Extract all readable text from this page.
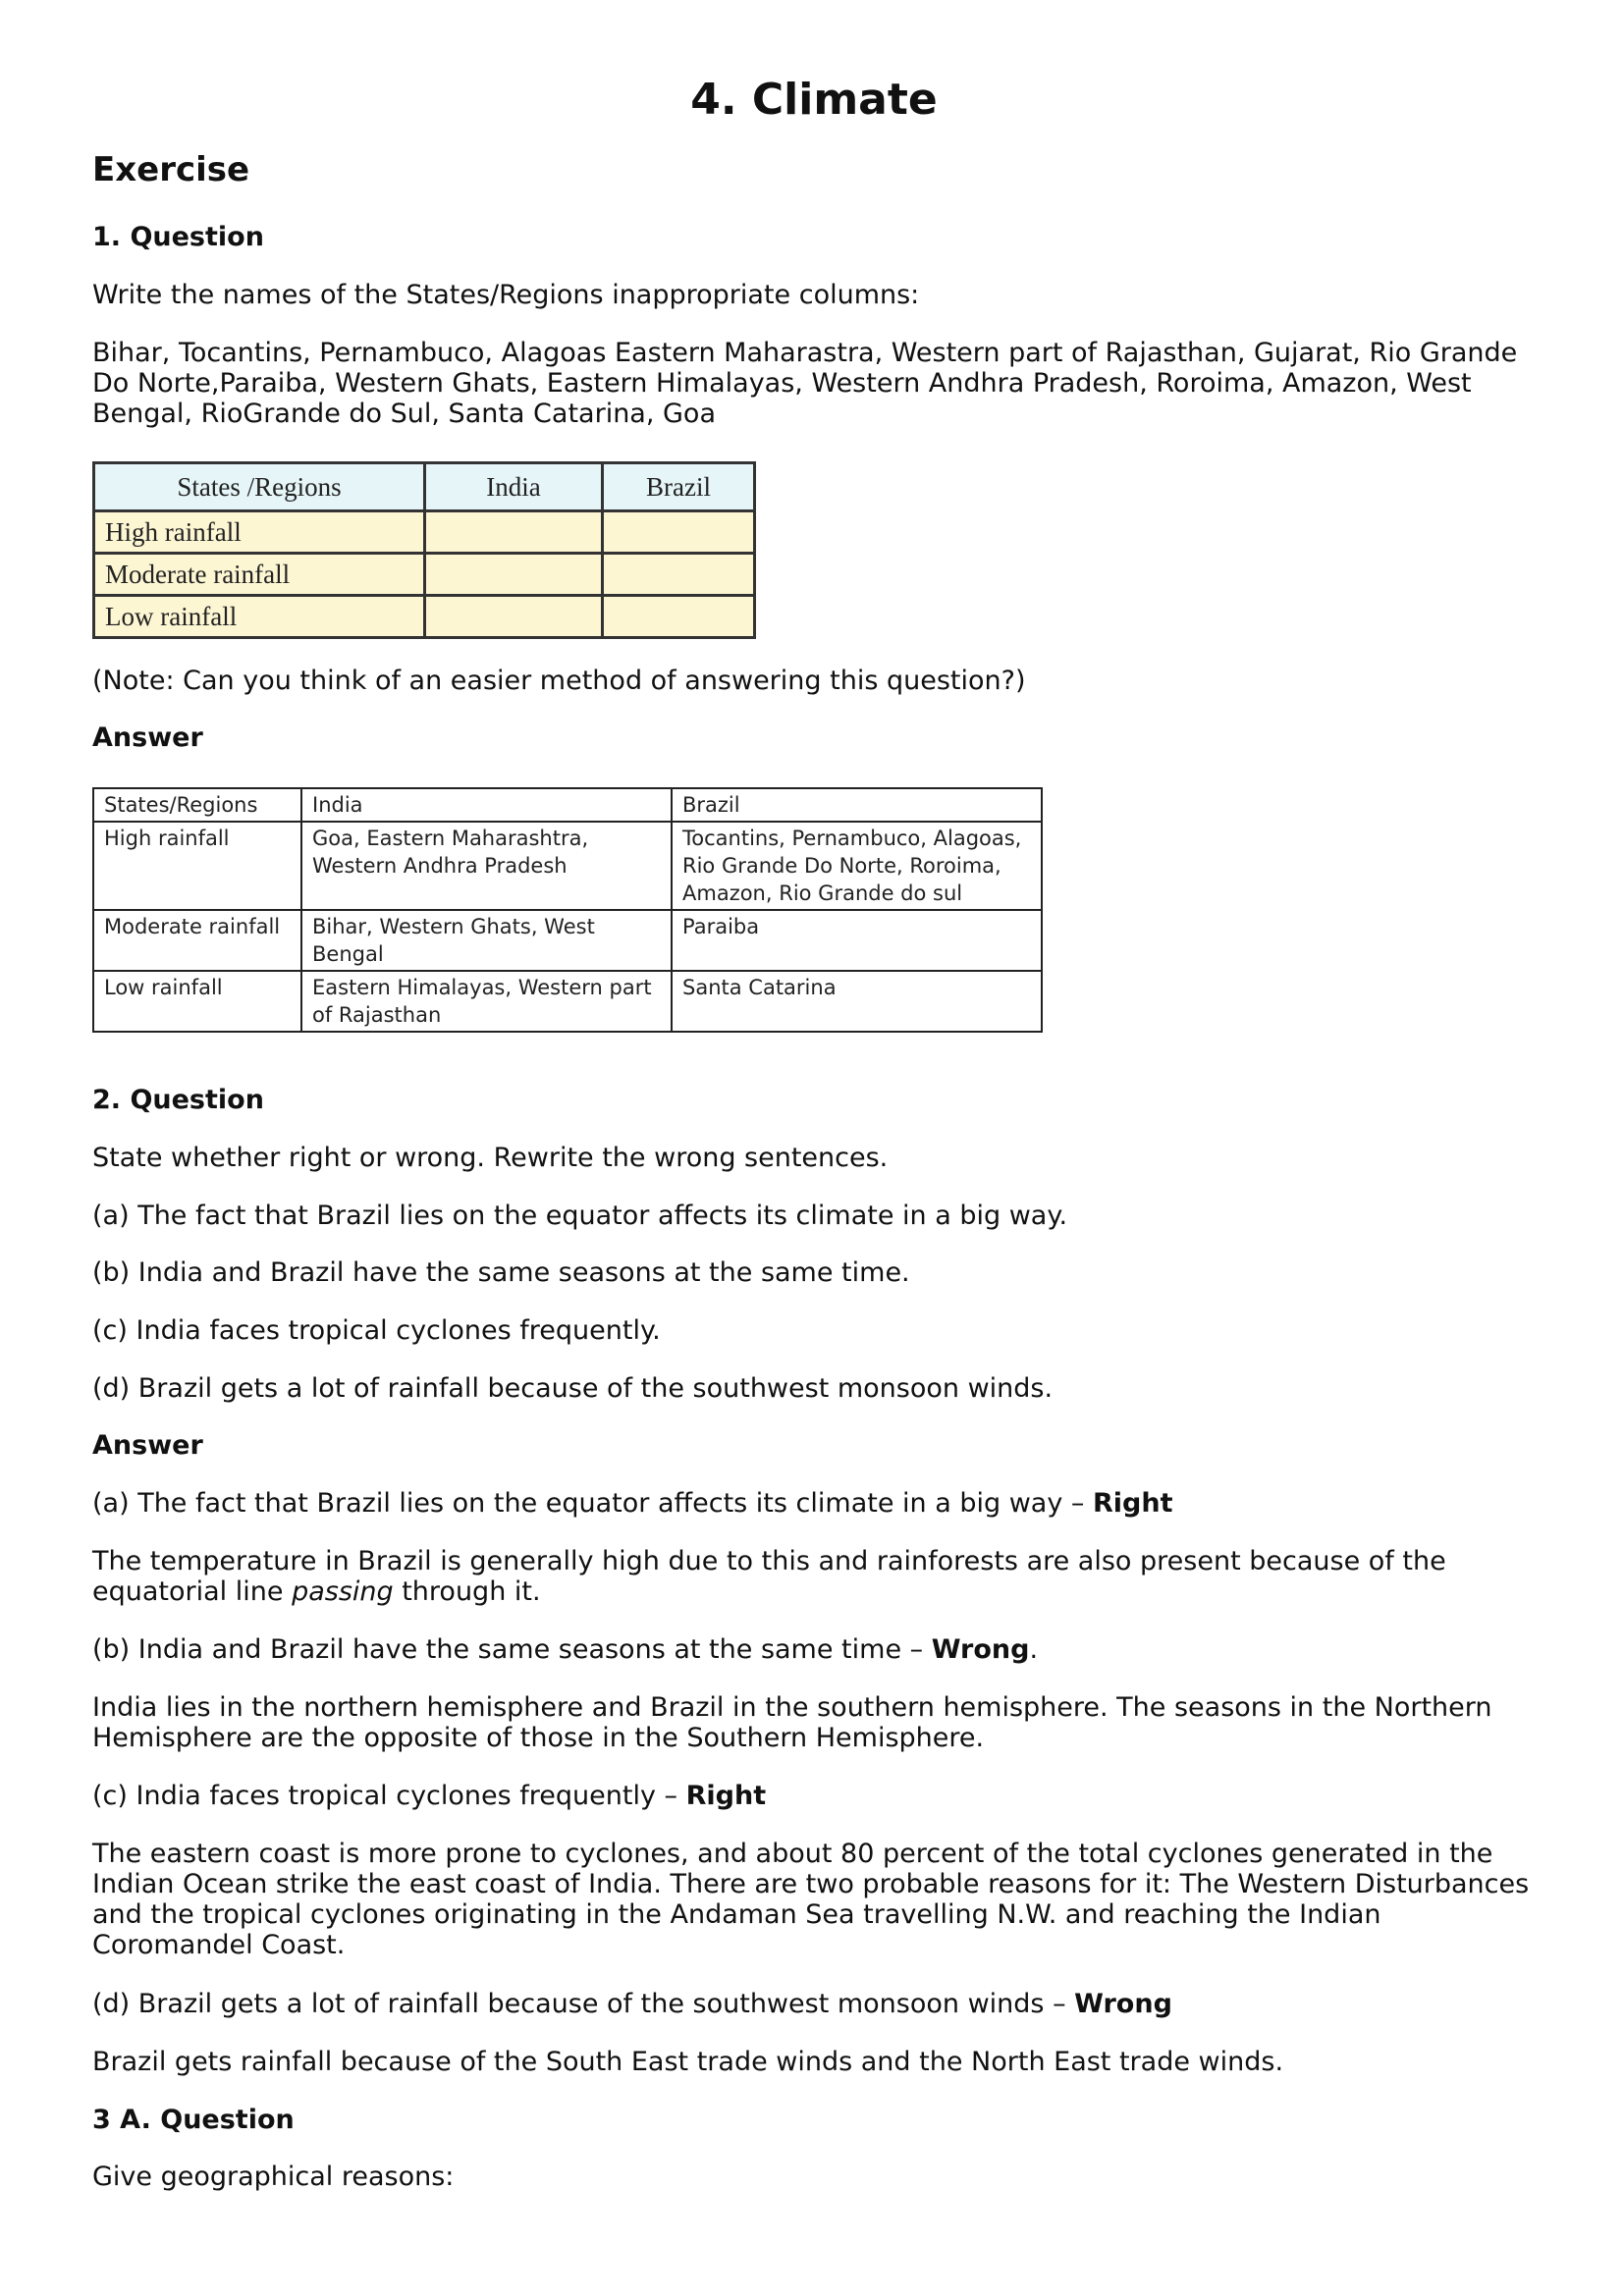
4. Climate
Exercise
1. Question

Write the names of the States/Regions inappropriate columns:

Bihar, Tocantins, Pernambuco, Alagoas Eastern Maharastra, Western part of Rajasthan, Gujarat, Rio Grande Do Norte,Paraiba, Western Ghats, Eastern Himalayas, Western Andhra Pradesh, Roroima, Amazon, West Bengal, RioGrande do Sul, Santa Catarina, Goa

States /Regions	India	Brazil
High rainfall		
Moderate rainfall		
Low rainfall		

(Note: Can you think of an easier method of answering this question?)

Answer
States/Regions	India	Brazil
High rainfall	Goa, Eastern Maharashtra, Western Andhra Pradesh	Tocantins, Pernambuco, Alagoas, Rio Grande Do Norte, Roroima, Amazon, Rio Grande do sul
Moderate rainfall	Bihar, Western Ghats, West Bengal	Paraiba
Low rainfall	Eastern Himalayas, Western part of Rajasthan	Santa Catarina
2. Question

State whether right or wrong. Rewrite the wrong sentences.

(a) The fact that Brazil lies on the equator affects its climate in a big way.

(b) India and Brazil have the same seasons at the same time.

(c) India faces tropical cyclones frequently.

(d) Brazil gets a lot of rainfall because of the southwest monsoon winds.

Answer

(a) The fact that Brazil lies on the equator affects its climate in a big way – Right

The temperature in Brazil is generally high due to this and rainforests are also present because of the equatorial line passing through it.

(b) India and Brazil have the same seasons at the same time – Wrong.

India lies in the northern hemisphere and Brazil in the southern hemisphere. The seasons in the Northern Hemisphere are the opposite of those in the Southern Hemisphere.

(c) India faces tropical cyclones frequently – Right

The eastern coast is more prone to cyclones, and about 80 percent of the total cyclones generated in the Indian Ocean strike the east coast of India. There are two probable reasons for it: The Western Disturbances and the tropical cyclones originating in the Andaman Sea travelling N.W. and reaching the Indian Coromandel Coast.

(d) Brazil gets a lot of rainfall because of the southwest monsoon winds – Wrong

Brazil gets rainfall because of the South East trade winds and the North East trade winds.

3 A. Question

Give geographical reasons:
